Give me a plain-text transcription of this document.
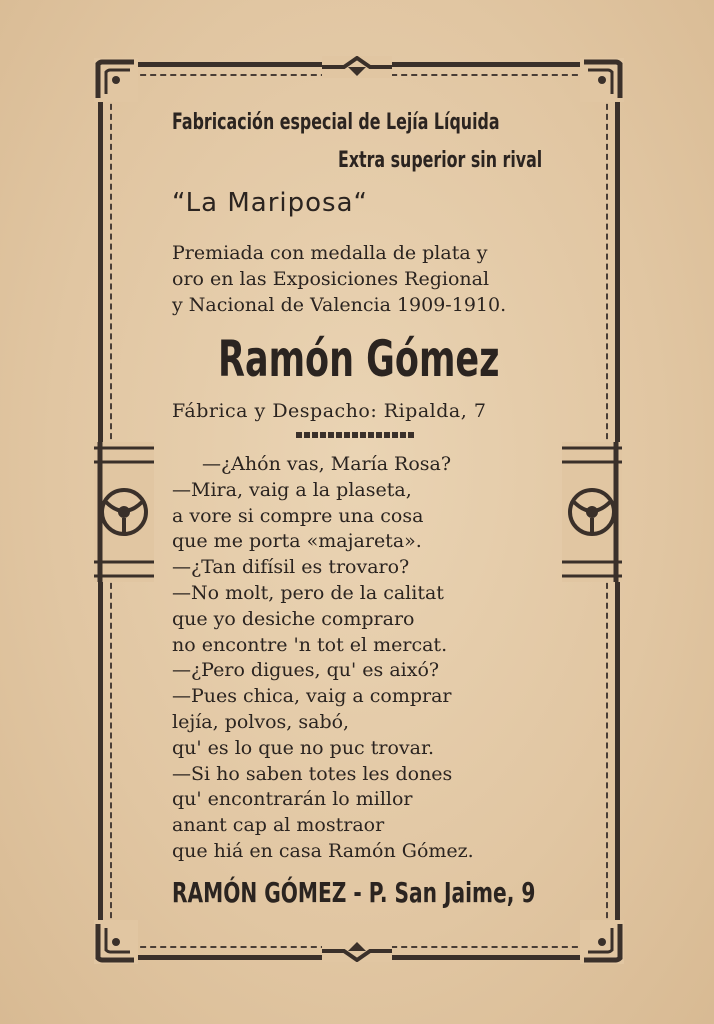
Fabricación especial de Lejía Líquida
Extra superior sin rival
“La Mariposa“
Premiada con medalla de plata y
oro en las Exposiciones Regional
y Nacional de Valencia 1909-1910.
Ramón Gómez
Fábrica y Despacho: Ripalda, 7
—¿Ahón vas, María Rosa?
—Mira, vaig a la plaseta,
a vore si compre una cosa
que me porta «majareta».
—¿Tan difísil es trovaro?
—No molt, pero de la calitat
que yo desiche compraro
no encontre 'n tot el mercat.
—¿Pero digues, qu' es aixó?
—Pues chica, vaig a comprar
lejía, polvos, sabó,
qu' es lo que no puc trovar.
—Si ho saben totes les dones
qu' encontrarán lo millor
anant cap al mostraor
que hiá en casa Ramón Gómez.
RAMÓN GÓMEZ - P. San Jaime, 9
